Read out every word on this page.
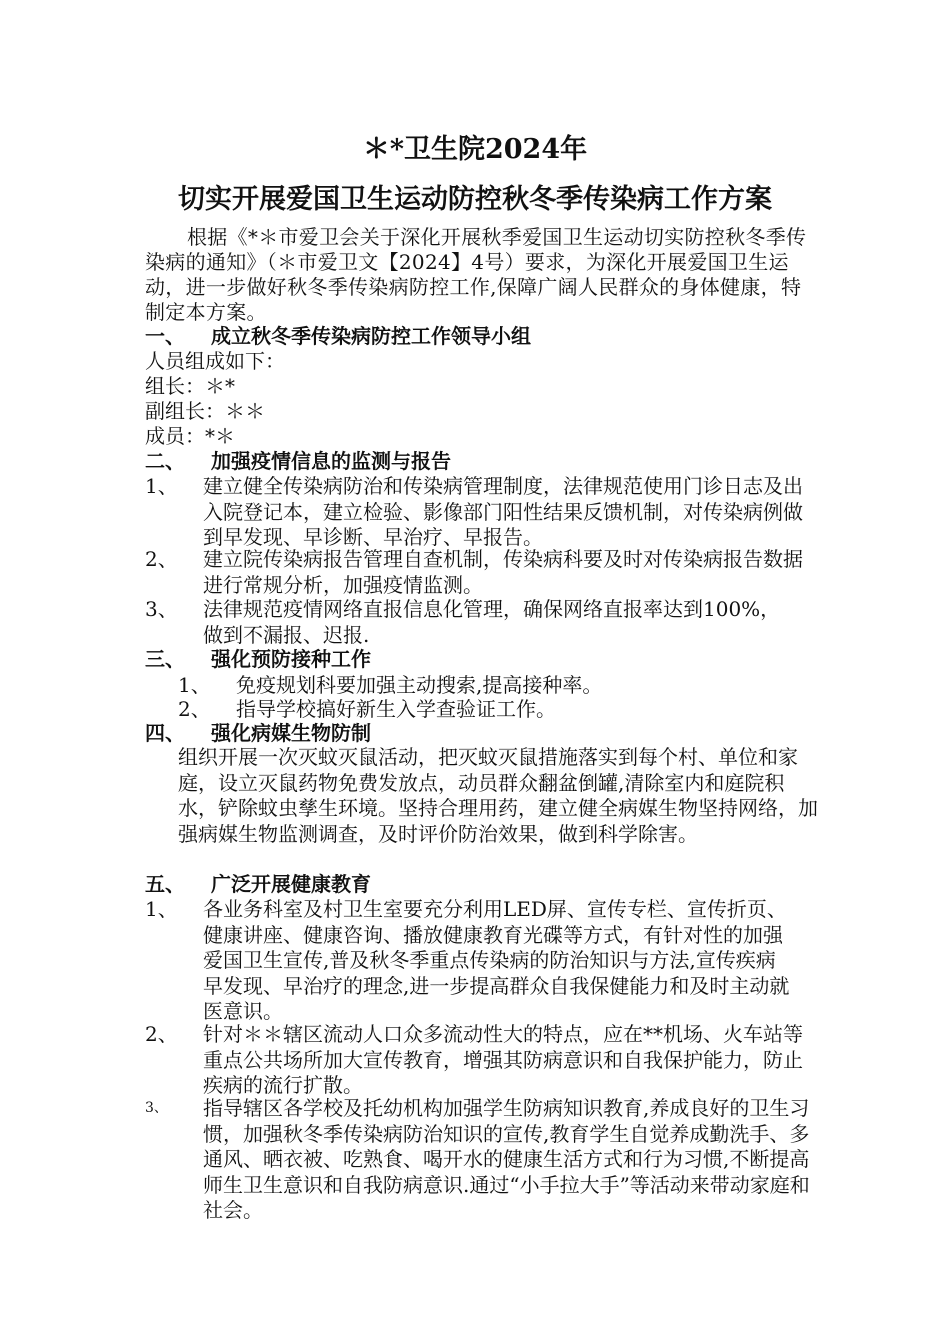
＊*卫生院2024年
切实开展爱国卫生运动防控秋冬季传染病工作方案
根据《*＊市爱卫会关于深化开展秋季爱国卫生运动切实防控秋冬季传染病的通知》（＊市爱卫文【2024】4号）要求，为深化开展爱国卫生运动，进一步做好秋冬季传染病防控工作,保障广阔人民群众的身体健康，特制定本方案。
一、 成立秋冬季传染病防控工作领导小组
人员组成如下：
组长：＊*
副组长：＊＊
成员：*＊
二、 加强疫情信息的监测与报告
1、	建立健全传染病防治和传染病管理制度，法律规范使用门诊日志及出入院登记本，建立检验、影像部门阳性结果反馈机制，对传染病例做到早发现、早诊断、早治疗、早报告。
2、	建立院传染病报告管理自查机制，传染病科要及时对传染病报告数据进行常规分析，加强疫情监测。
3、	法律规范疫情网络直报信息化管理，确保网络直报率达到100%，做到不漏报、迟报.
三、 强化预防接种工作
1、	免疫规划科要加强主动搜索,提高接种率。
2、	指导学校搞好新生入学查验证工作。
四、 强化病媒生物防制
组织开展一次灭蚊灭鼠活动，把灭蚊灭鼠措施落实到每个村、单位和家庭，设立灭鼠药物免费发放点，动员群众翻盆倒罐,清除室内和庭院积水，铲除蚊虫孳生环境。坚持合理用药，建立健全病媒生物坚持网络，加强病媒生物监测调查，及时评价防治效果，做到科学除害。
五、 广泛开展健康教育
1、	各业务科室及村卫生室要充分利用LED屏、宣传专栏、宣传折页、健康讲座、健康咨询、播放健康教育光碟等方式，有针对性的加强爱国卫生宣传,普及秋冬季重点传染病的防治知识与方法,宣传疾病早发现、早治疗的理念,进一步提高群众自我保健能力和及时主动就医意识。
2、	针对＊＊辖区流动人口众多流动性大的特点，应在**机场、火车站等重点公共场所加大宣传教育，增强其防病意识和自我保护能力，防止疾病的流行扩散。
3、	指导辖区各学校及托幼机构加强学生防病知识教育,养成良好的卫生习惯，加强秋冬季传染病防治知识的宣传,教育学生自觉养成勤洗手、多通风、晒衣被、吃熟食、喝开水的健康生活方式和行为习惯,不断提高师生卫生意识和自我防病意识.通过“小手拉大手”等活动来带动家庭和社会。
